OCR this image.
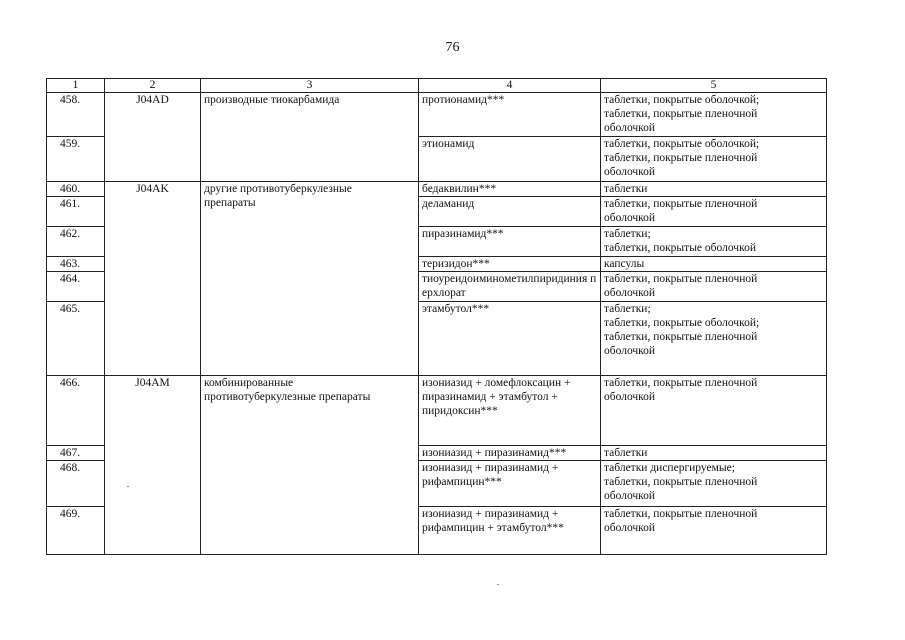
76
1	2	3	4	5
458.	J04AD	производные тиокарбамида	протионамид***	таблетки, покрытые оболочкой;
таблетки, покрытые пленочной
оболочкой
459.			этионамид	таблетки, покрытые оболочкой;
таблетки, покрытые пленочной
оболочкой
460.	J04AK	другие противотуберкулезные
препараты	бедаквилин***	таблетки
461.			деламанид	таблетки, покрытые пленочной
оболочкой
462.			пиразинамид***	таблетки;
таблетки, покрытые оболочкой
463.			теризидон***	капсулы
464.			тиоуреидоиминометилпиридиния перхлорат	таблетки, покрытые пленочной
оболочкой
465.			этамбутол***	таблетки;
таблетки, покрытые оболочкой;
таблетки, покрытые пленочной
оболочкой
466.	J04AM	комбинированные
противотуберкулезные препараты	изониазид + ломефлоксацин +
пиразинамид + этамбутол +
пиридоксин***	таблетки, покрытые пленочной
оболочкой
467.			изониазид + пиразинамид***	таблетки
468.			изониазид + пиразинамид +
рифампицин***	таблетки диспергируемые;
таблетки, покрытые пленочной
оболочкой
469.			изониазид + пиразинамид +
рифампицин + этамбутол***	таблетки, покрытые пленочной
оболочкой
